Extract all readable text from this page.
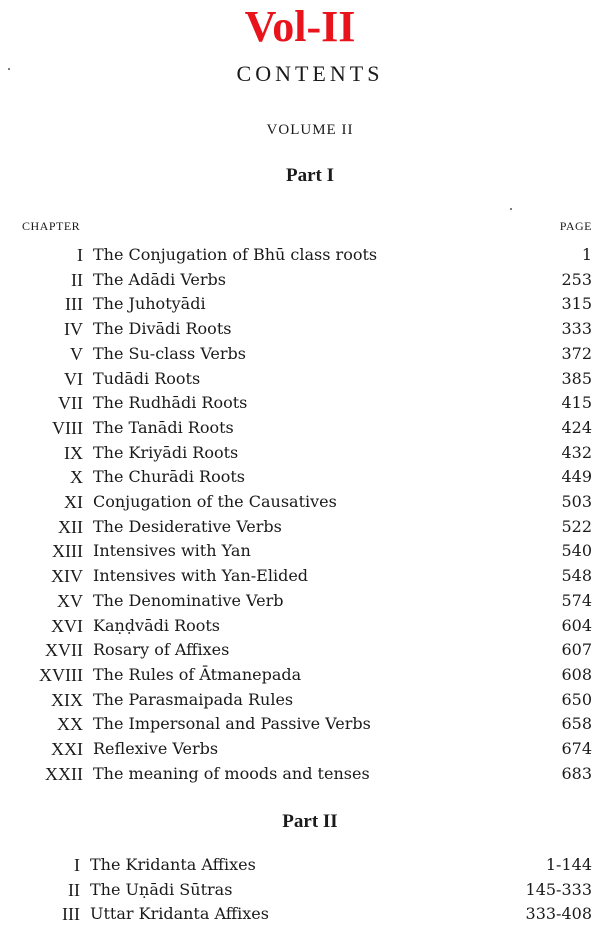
Vol-II
CONTENTS
VOLUME II
Part I
CHAPTER	PAGE
I The Conjugation of Bhū class roots	1
II The Adādi Verbs	253
III The Juhotyādi	315
IV The Divādi Roots	333
V The Su-class Verbs	372
VI Tudādi Roots	385
VII The Rudhādi Roots	415
VIII The Tanādi Roots	424
IX The Kriyādi Roots	432
X The Churādi Roots	449
XI Conjugation of the Causatives	503
XII The Desiderative Verbs	522
XIII Intensives with Yan	540
XIV Intensives with Yan-Elided	548
XV The Denominative Verb	574
XVI Kaṇḍvādi Roots	604
XVII Rosary of Affixes	607
XVIII The Rules of Ātmanepada	608
XIX The Parasmaipada Rules	650
XX The Impersonal and Passive Verbs	658
XXI Reflexive Verbs	674
XXII The meaning of moods and tenses	683
Part II
I The Kridanta Affixes	1-144
II The Uṇādi Sūtras	145-333
III Uttar Kridanta Affixes	333-408
